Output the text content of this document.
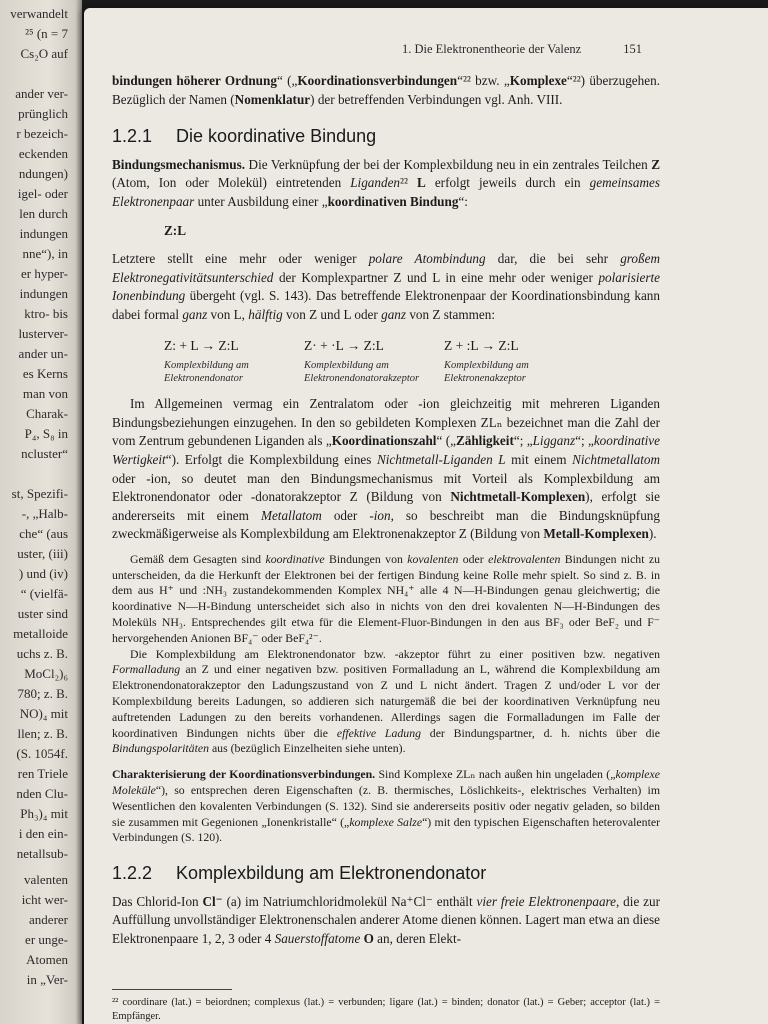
verwandelt
²⁵ (n = 7
Cs₂O auf

ander ver-
prünglich
r bezeich-
eckenden
ndungen)
igel- oder
len durch
indungen
nne“), in
er hyper-
indungen
ktro- bis
lusterver-
ander un-
es Kerns
man von
Charak-
P₄, S₈ in
ncluster“

st, Spezifi-
-, „Halb-
che“ (aus
uster, (iii)
) und (iv)
“ (vielfä-
uster sind
metalloide
uchs z. B.
MoCl₂)₆
780; z. B.
NO)₄ mit
llen; z. B.
(S. 1054f.
ren Triele
nden Clu-
Ph₃)₄ mit
i den ein-
netallsub-
valenten
icht wer-
anderer
er unge-
Atomen
in „Ver-
1. Die Elektronentheorie der Valenz	151

bindungen höherer Ordnung“ („Koordinationsverbindungen“²² bzw. „Komplexe“²²) überzugehen. Bezüglich der Namen (Nomenklatur) der betreffenden Verbindungen vgl. Anh. VIII.

1.2.1 Die koordinative Bindung

Bindungsmechanismus. Die Verknüpfung der bei der Komplexbildung neu in ein zentrales Teilchen Z (Atom, Ion oder Molekül) eintretenden Liganden²² L erfolgt jeweils durch ein gemeinsames Elektronenpaar unter Ausbildung einer „koordinativen Bindung“:

Z:L

Letztere stellt eine mehr oder weniger polare Atombindung dar, die bei sehr großem Elektronegativitätsunterschied der Komplexpartner Z und L in eine mehr oder weniger polarisierte Ionenbindung übergeht (vgl. S. 143). Das betreffende Elektronenpaar der Koordinationsbindung kann dabei formal ganz von L, hälftig von Z und L oder ganz von Z stammen:

Z: + L → Z:L
Komplexbildung am Elektronendonator
Z· + ·L → Z:L
Komplexbildung am Elektronendonatorakzeptor
Z + :L → Z:L
Komplexbildung am Elektronenakzeptor

Im Allgemeinen vermag ein Zentralatom oder -ion gleichzeitig mit mehreren Liganden Bindungsbeziehungen einzugehen. In den so gebildeten Komplexen ZLₙ bezeichnet man die Zahl der vom Zentrum gebundenen Liganden als „Koordinationszahl“ („Zähligkeit“; „Ligganz“; „koordinative Wertigkeit“). Erfolgt die Komplexbildung eines Nichtmetall-Liganden L mit einem Nichtmetallatom oder -ion, so deutet man den Bindungsmechanismus mit Vorteil als Komplexbildung am Elektronendonator oder -donatorakzeptor Z (Bildung von Nichtmetall-Komplexen), erfolgt sie andererseits mit einem Metallatom oder -ion, so beschreibt man die Bindungsknüpfung zweckmäßigerweise als Komplexbildung am Elektronenakzeptor Z (Bildung von Metall-Komplexen).

Gemäß dem Gesagten sind koordinative Bindungen von kovalenten oder elektrovalenten Bindungen nicht zu unterscheiden, da die Herkunft der Elektronen bei der fertigen Bindung keine Rolle mehr spielt. So sind z. B. in dem aus H⁺ und :NH₃ zustandekommenden Komplex NH₄⁺ alle 4 N—H-Bindungen genau gleichwertig; die koordinative N—H-Bindung unterscheidet sich also in nichts von den drei kovalenten N—H-Bindungen des Moleküls NH₃. Entsprechendes gilt etwa für die Element-Fluor-Bindungen in den aus BF₃ oder BeF₂ und F⁻ hervorgehenden Anionen BF₄⁻ oder BeF₄²⁻.

Die Komplexbildung am Elektronendonator bzw. -akzeptor führt zu einer positiven bzw. negativen Formalladung an Z und einer negativen bzw. positiven Formalladung an L, während die Komplexbildung am Elektronendonatorakzeptor den Ladungszustand von Z und L nicht ändert. Tragen Z und/oder L vor der Komplexbildung bereits Ladungen, so addieren sich naturgemäß die bei der koordinativen Verknüpfung neu auftretenden Ladungen zu den bereits vorhandenen. Allerdings sagen die Formalladungen im Falle der koordinativen Bindungen nichts über die effektive Ladung der Bindungspartner, d. h. nichts über die Bindungspolaritäten aus (bezüglich Einzelheiten siehe unten).

Charakterisierung der Koordinationsverbindungen. Sind Komplexe ZLₙ nach außen hin ungeladen („komplexe Moleküle“), so entsprechen deren Eigenschaften (z. B. thermisches, Löslichkeits-, elektrisches Verhalten) im Wesentlichen den kovalenten Verbindungen (S. 132). Sind sie andererseits positiv oder negativ geladen, so bilden sie zusammen mit Gegenionen „Ionenkristalle“ („komplexe Salze“) mit den typischen Eigenschaften heterovalenter Verbindungen (S. 120).

1.2.2 Komplexbildung am Elektronendonator

Das Chlorid-Ion Cl⁻ (a) im Natriumchloridmolekül Na⁺Cl⁻ enthält vier freie Elektronenpaare, die zur Auffüllung unvollständiger Elektronenschalen anderer Atome dienen können. Lagert man etwa an diese Elektronenpaare 1, 2, 3 oder 4 Sauerstoffatome O an, deren Elekt-

²² coordinare (lat.) = beiordnen; complexus (lat.) = verbunden; ligare (lat.) = binden; donator (lat.) = Geber; acceptor (lat.) = Empfänger.
